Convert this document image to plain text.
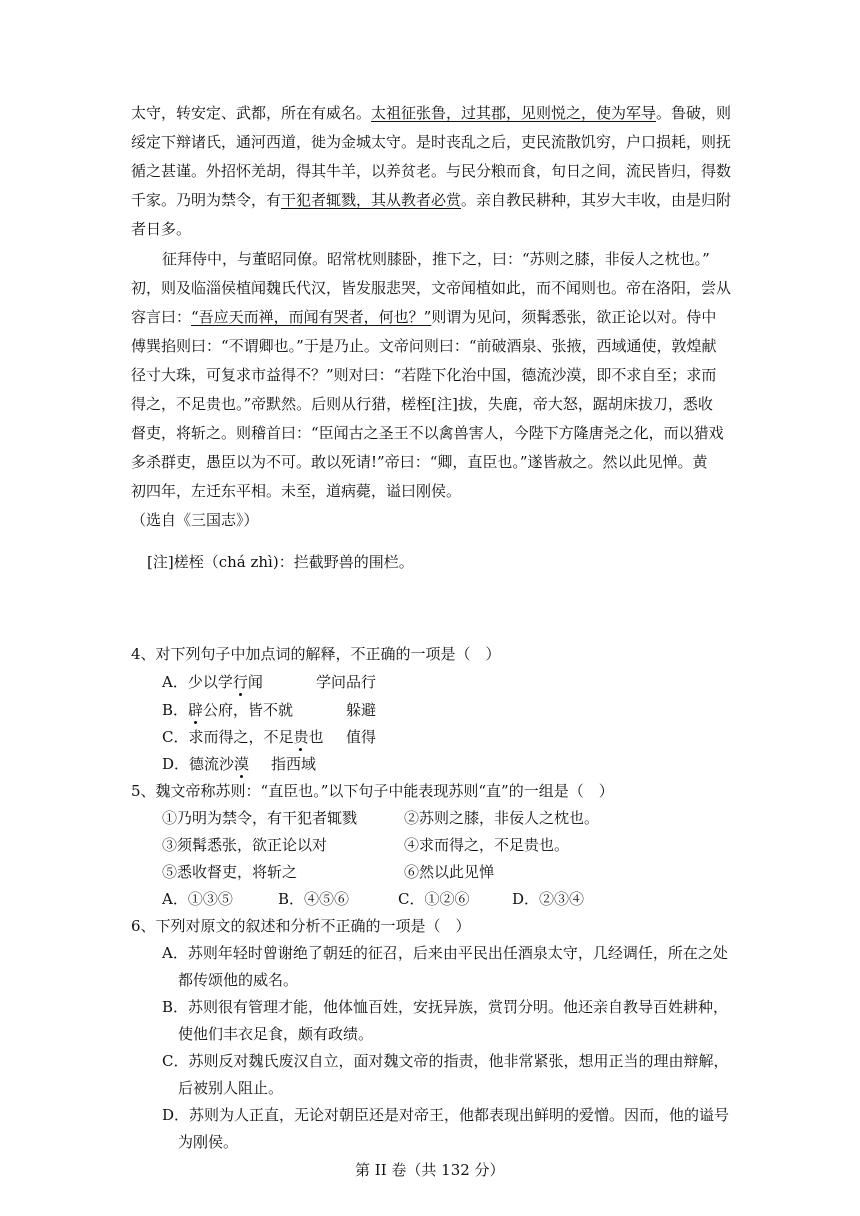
太守，转安定、武都，所在有威名。太祖征张鲁，过其郡，见则悦之，使为军导。鲁破，则
绥定下辩诸氏，通河西道，徙为金城太守。是时丧乱之后，吏民流散饥穷，户口损耗，则抚
循之甚谨。外招怀羌胡，得其牛羊，以养贫老。与民分粮而食，旬日之间，流民皆归，得数
千家。乃明为禁令，有干犯者辄戮，其从教者必赏。亲自教民耕种，其岁大丰收，由是归附
者日多。
征拜侍中，与董昭同僚。昭常枕则膝卧，推下之，曰：“苏则之膝，非佞人之枕也。”
初，则及临淄侯植闻魏氏代汉，皆发服悲哭，文帝闻植如此，而不闻则也。帝在洛阳，尝从
容言曰：“吾应天而禅，而闻有哭者，何也？”则谓为见问，须髯悉张，欲正论以对。侍中
傅巽掐则曰：“不谓卿也。”于是乃止。文帝问则曰：“前破酒泉、张掖，西域通使，敦煌献
径寸大珠，可复求市益得不？”则对曰：“若陛下化治中国，德流沙漠，即不求自至；求而
得之，不足贵也。”帝默然。后则从行猎，槎桎[注]拔，失鹿，帝大怒，踞胡床拔刀，悉收
督吏，将斩之。则稽首曰：“臣闻古之圣王不以禽兽害人，今陛下方隆唐尧之化，而以猎戏
多杀群吏，愚臣以为不可。敢以死请!”帝曰：“卿，直臣也。”遂皆赦之。然以此见惮。黄
初四年，左迁东平相。未至，道病薨，谥曰刚侯。
（选自《三国志》）
[注]槎桎（chá zhì)：拦截野兽的围栏。
4、对下列句子中加点词的解释，不正确的一项是（　）
A．少以学行闻	学问品行
B．辟公府，皆不就	躲避
C．求而得之，不足贵也 值得
D．德流沙漠 指西域
5、魏文帝称苏则：“直臣也。”以下句子中能表现苏则“直”的一组是（　）
①乃明为禁令，有干犯者辄戮	②苏则之膝，非佞人之枕也。
③须髯悉张，欲正论以对	④求而得之，不足贵也。
⑤悉收督吏，将斩之	⑥然以此见惮
A．①③⑤	B．④⑤⑥	C．①②⑥	D．②③④
6、下列对原文的叙述和分析不正确的一项是（　）
A．苏则年轻时曾谢绝了朝廷的征召，后来由平民出任酒泉太守，几经调任，所在之处
都传颂他的威名。
B．苏则很有管理才能，他体恤百姓，安抚异族，赏罚分明。他还亲自教导百姓耕种，
使他们丰衣足食，颇有政绩。
C．苏则反对魏氏废汉自立，面对魏文帝的指责，他非常紧张，想用正当的理由辩解，
后被别人阻止。
D．苏则为人正直，无论对朝臣还是对帝王，他都表现出鲜明的爱憎。因而，他的谥号
为刚侯。
第 II 卷（共 132 分）
